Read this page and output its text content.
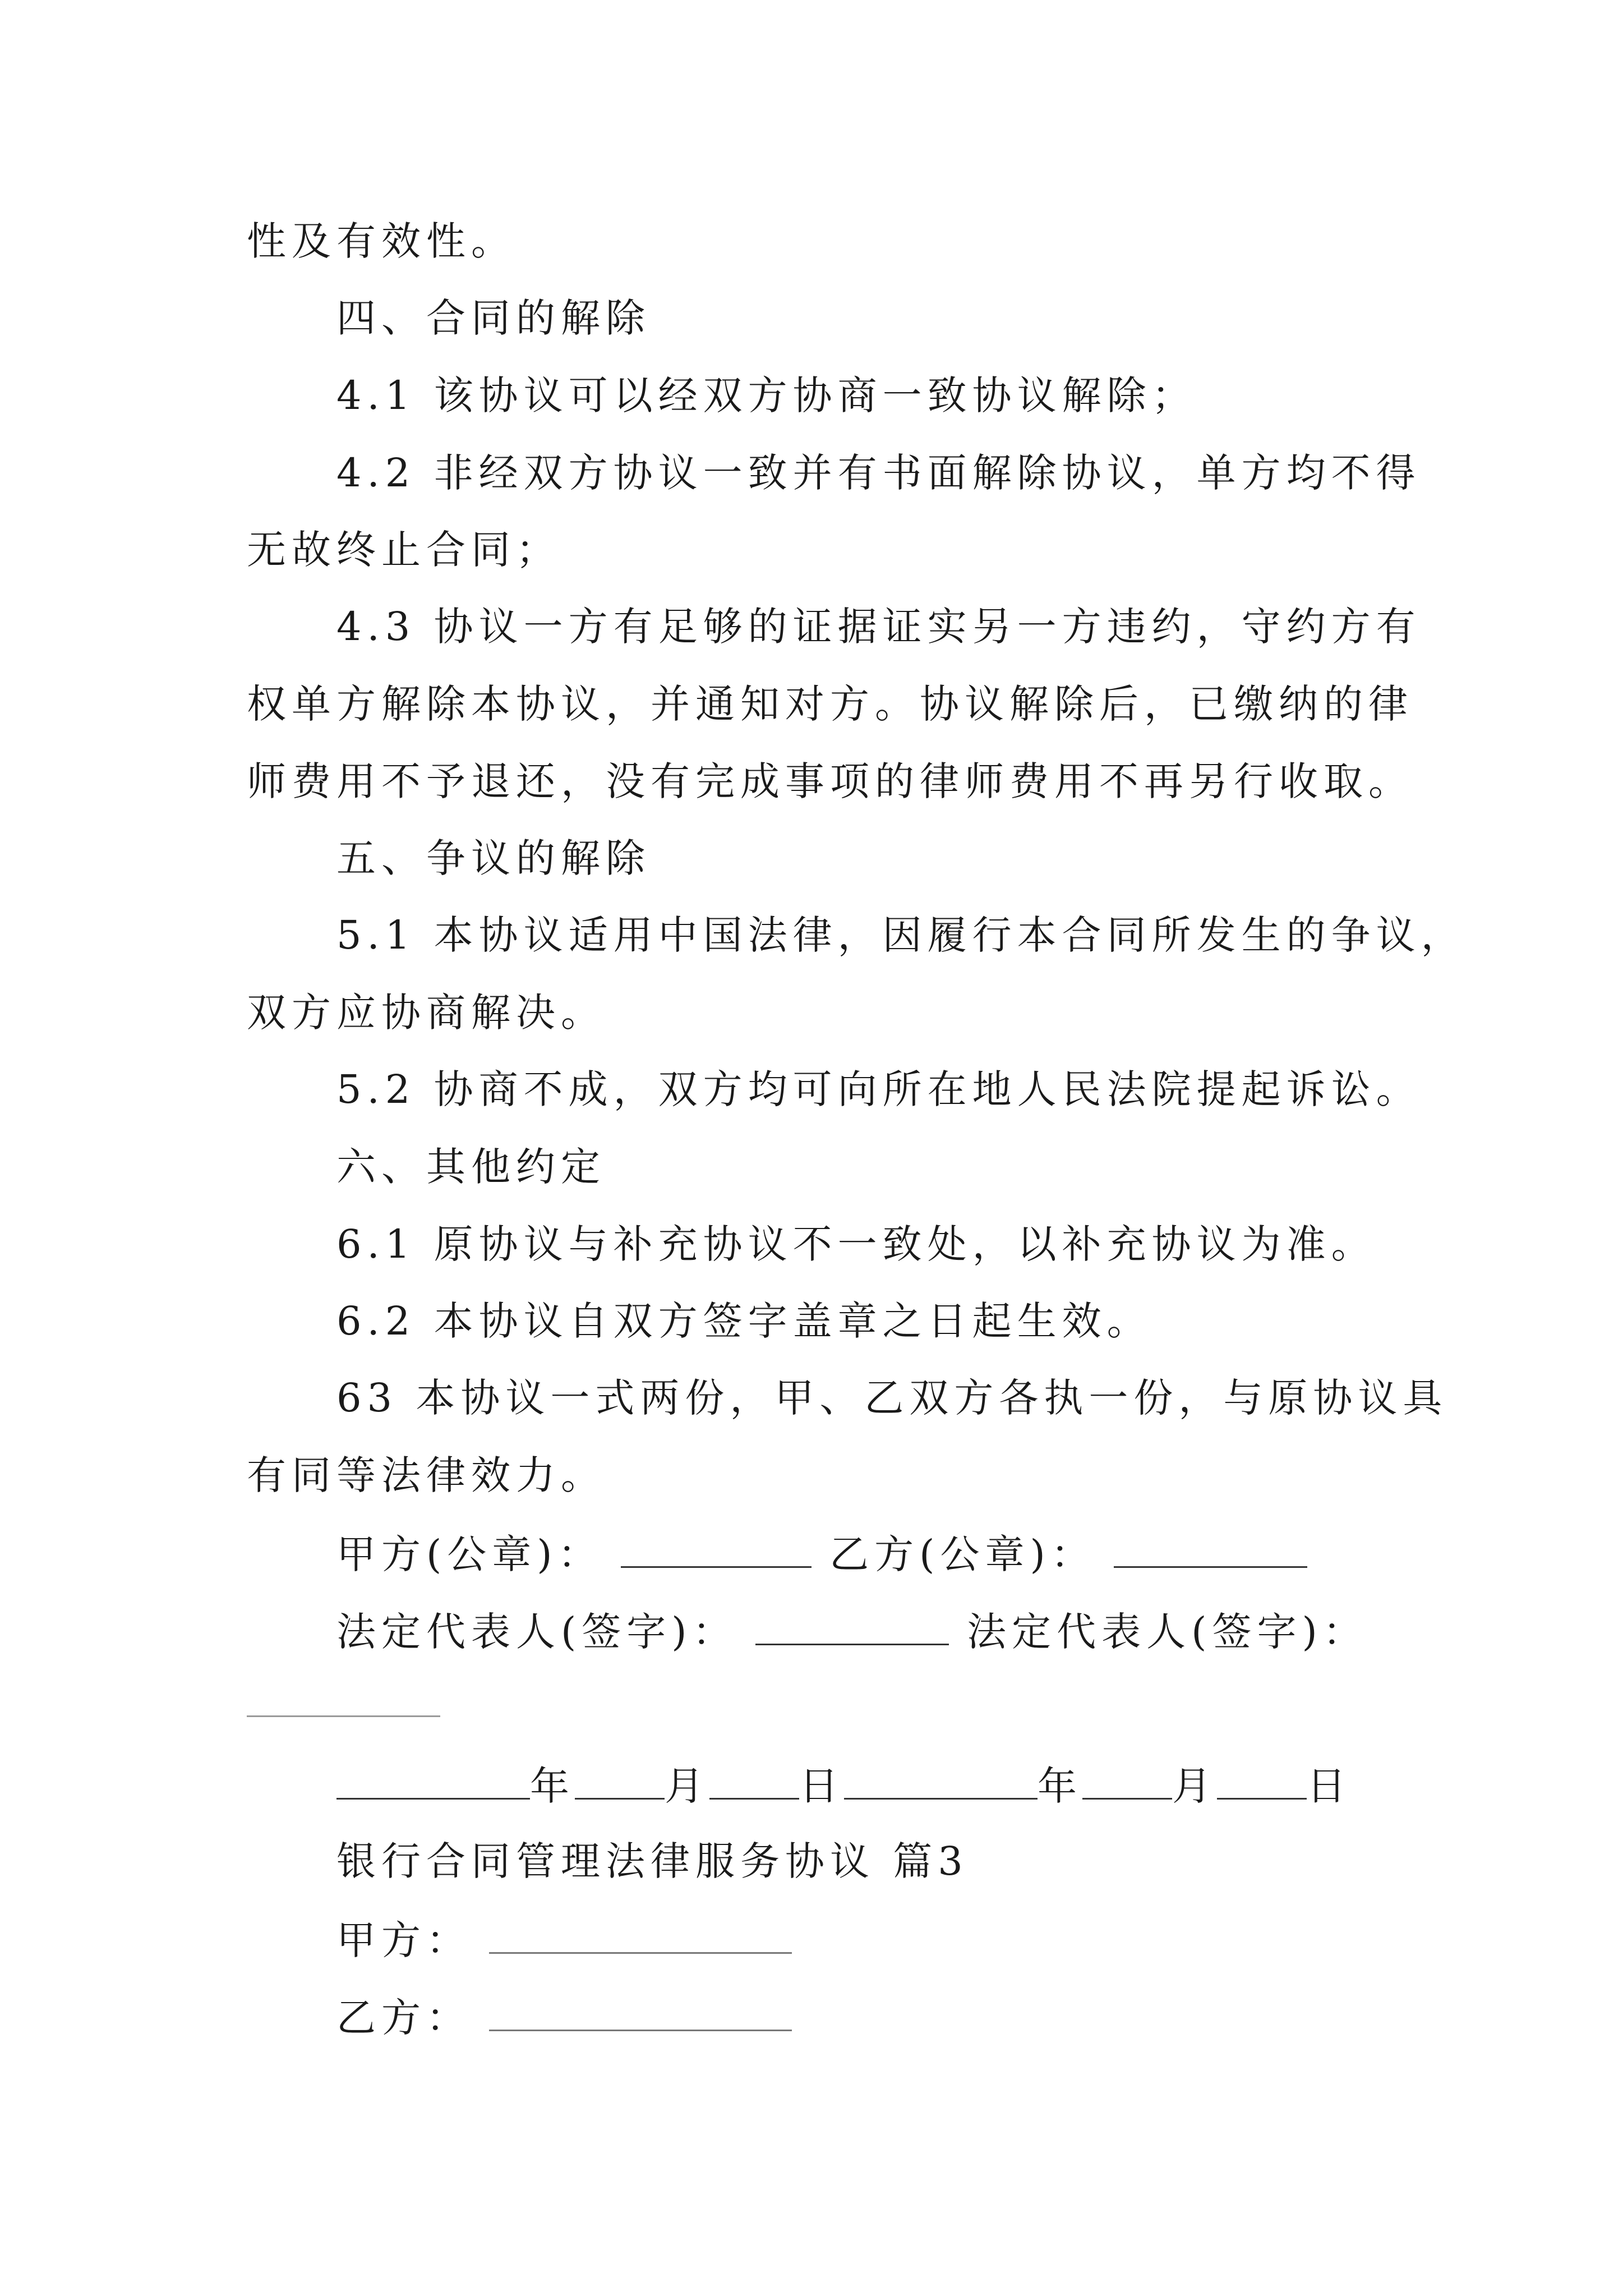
性及有效性。
四、合同的解除
4.1 该协议可以经双方协商一致协议解除；
4.2 非经双方协议一致并有书面解除协议，单方均不得
无故终止合同；
4.3 协议一方有足够的证据证实另一方违约，守约方有
权单方解除本协议，并通知对方。协议解除后，已缴纳的律
师费用不予退还，没有完成事项的律师费用不再另行收取。
五、争议的解除
5.1 本协议适用中国法律，因履行本合同所发生的争议，
双方应协商解决。
5.2 协商不成，双方均可向所在地人民法院提起诉讼。
六、其他约定
6.1 原协议与补充协议不一致处，以补充协议为准。
6.2 本协议自双方签字盖章之日起生效。
63 本协议一式两份，甲、乙双方各执一份，与原协议具
有同等法律效力。
甲方(公章)：	乙方(公章)：
法定代表人(签字)：	法定代表人(签字)：
年 月 日	年 月 日
银行合同管理法律服务协议 篇3
甲方：
乙方：
